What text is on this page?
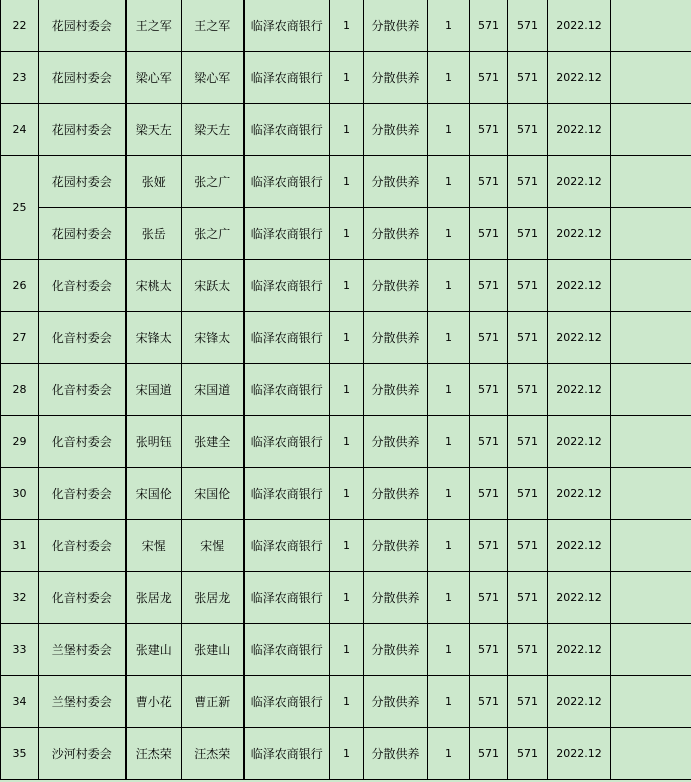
22	花园村委会	王之军	王之军	临泽农商银行	1	分散供养	1	571	571	2022.12	
23	花园村委会	梁心军	梁心军	临泽农商银行	1	分散供养	1	571	571	2022.12	
24	花园村委会	梁天左	梁天左	临泽农商银行	1	分散供养	1	571	571	2022.12	
25	花园村委会	张娅	张之广	临泽农商银行	1	分散供养	1	571	571	2022.12	
	花园村委会	张岳	张之广	临泽农商银行	1	分散供养	1	571	571	2022.12	
26	化音村委会	宋桃太	宋跃太	临泽农商银行	1	分散供养	1	571	571	2022.12	
27	化音村委会	宋锋太	宋锋太	临泽农商银行	1	分散供养	1	571	571	2022.12	
28	化音村委会	宋国道	宋国道	临泽农商银行	1	分散供养	1	571	571	2022.12	
29	化音村委会	张明钰	张建全	临泽农商银行	1	分散供养	1	571	571	2022.12	
30	化音村委会	宋国伦	宋国伦	临泽农商银行	1	分散供养	1	571	571	2022.12	
31	化音村委会	宋惺	宋惺	临泽农商银行	1	分散供养	1	571	571	2022.12	
32	化音村委会	张居龙	张居龙	临泽农商银行	1	分散供养	1	571	571	2022.12	
33	兰堡村委会	张建山	张建山	临泽农商银行	1	分散供养	1	571	571	2022.12	
34	兰堡村委会	曹小花	曹正新	临泽农商银行	1	分散供养	1	571	571	2022.12	
35	沙河村委会	汪杰荣	汪杰荣	临泽农商银行	1	分散供养	1	571	571	2022.12	
